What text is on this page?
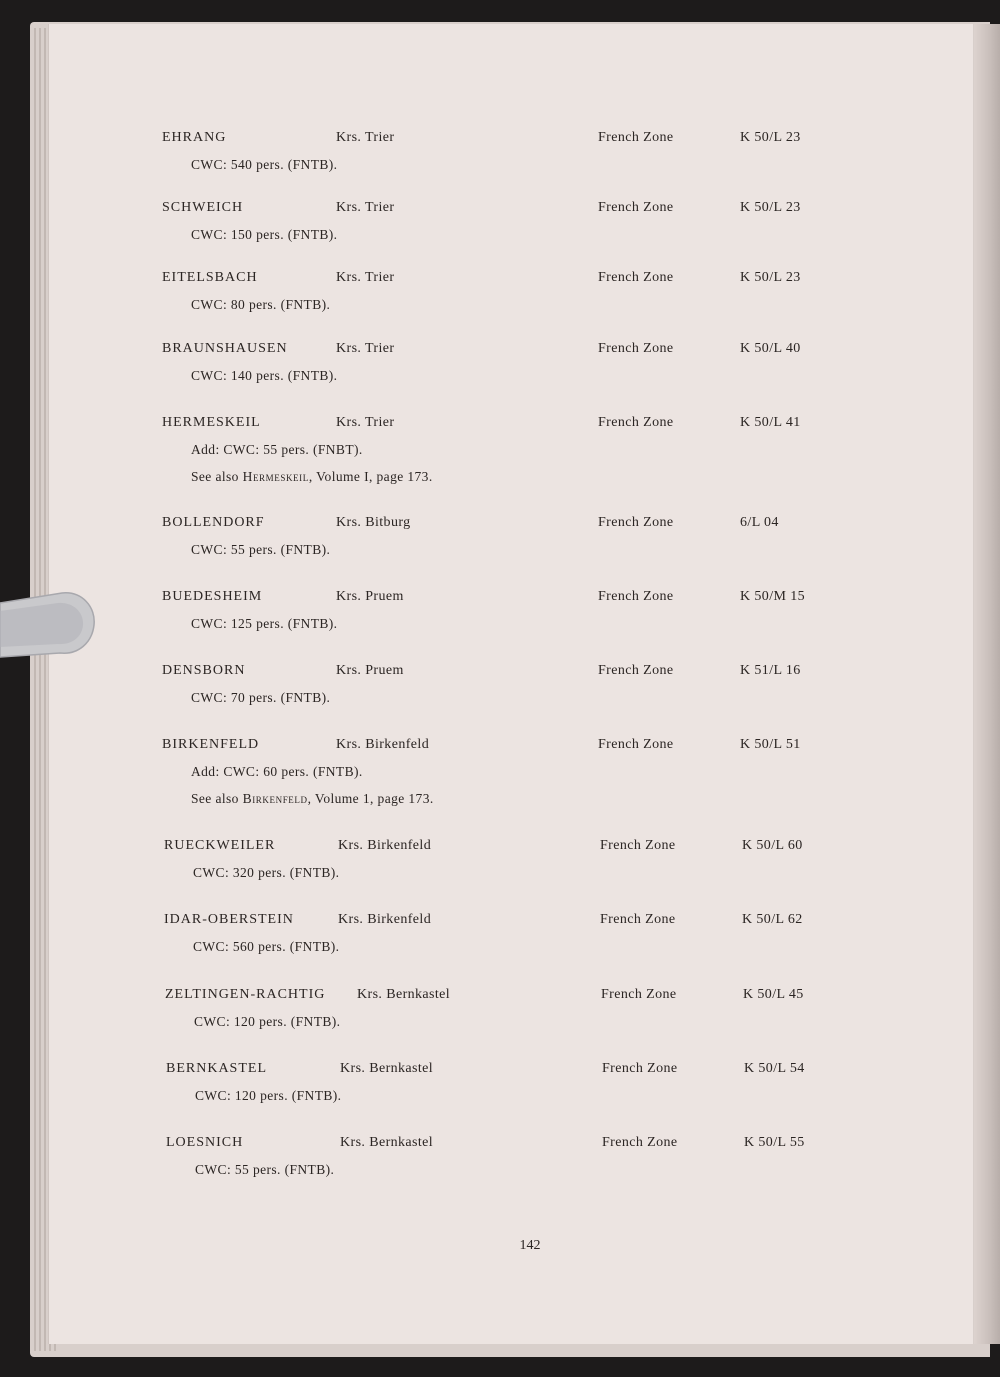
EHRANG	Krs. Trier	French Zone	K 50/L 23
CWC: 540 pers. (FNTB).
SCHWEICH	Krs. Trier	French Zone	K 50/L 23
CWC: 150 pers. (FNTB).
EITELSBACH	Krs. Trier	French Zone	K 50/L 23
CWC: 80 pers. (FNTB).
BRAUNSHAUSEN	Krs. Trier	French Zone	K 50/L 40
CWC: 140 pers. (FNTB).
HERMESKEIL	Krs. Trier	French Zone	K 50/L 41
Add: CWC: 55 pers. (FNBT).
See also Hermeskeil, Volume I, page 173.
BOLLENDORF	Krs. Bitburg	French Zone	6/L 04
CWC: 55 pers. (FNTB).
BUEDESHEIM	Krs. Pruem	French Zone	K 50/M 15
CWC: 125 pers. (FNTB).
DENSBORN	Krs. Pruem	French Zone	K 51/L 16
CWC: 70 pers. (FNTB).
BIRKENFELD	Krs. Birkenfeld	French Zone	K 50/L 51
Add: CWC: 60 pers. (FNTB).
See also Birkenfeld, Volume 1, page 173.
RUECKWEILER	Krs. Birkenfeld	French Zone	K 50/L 60
CWC: 320 pers. (FNTB).
IDAR-OBERSTEIN	Krs. Birkenfeld	French Zone	K 50/L 62
CWC: 560 pers. (FNTB).
ZELTINGEN-RACHTIG Krs. Bernkastel	French Zone	K 50/L 45
CWC: 120 pers. (FNTB).
BERNKASTEL	Krs. Bernkastel	French Zone	K 50/L 54
CWC: 120 pers. (FNTB).
LOESNICH	Krs. Bernkastel	French Zone	K 50/L 55
CWC: 55 pers. (FNTB).
142
